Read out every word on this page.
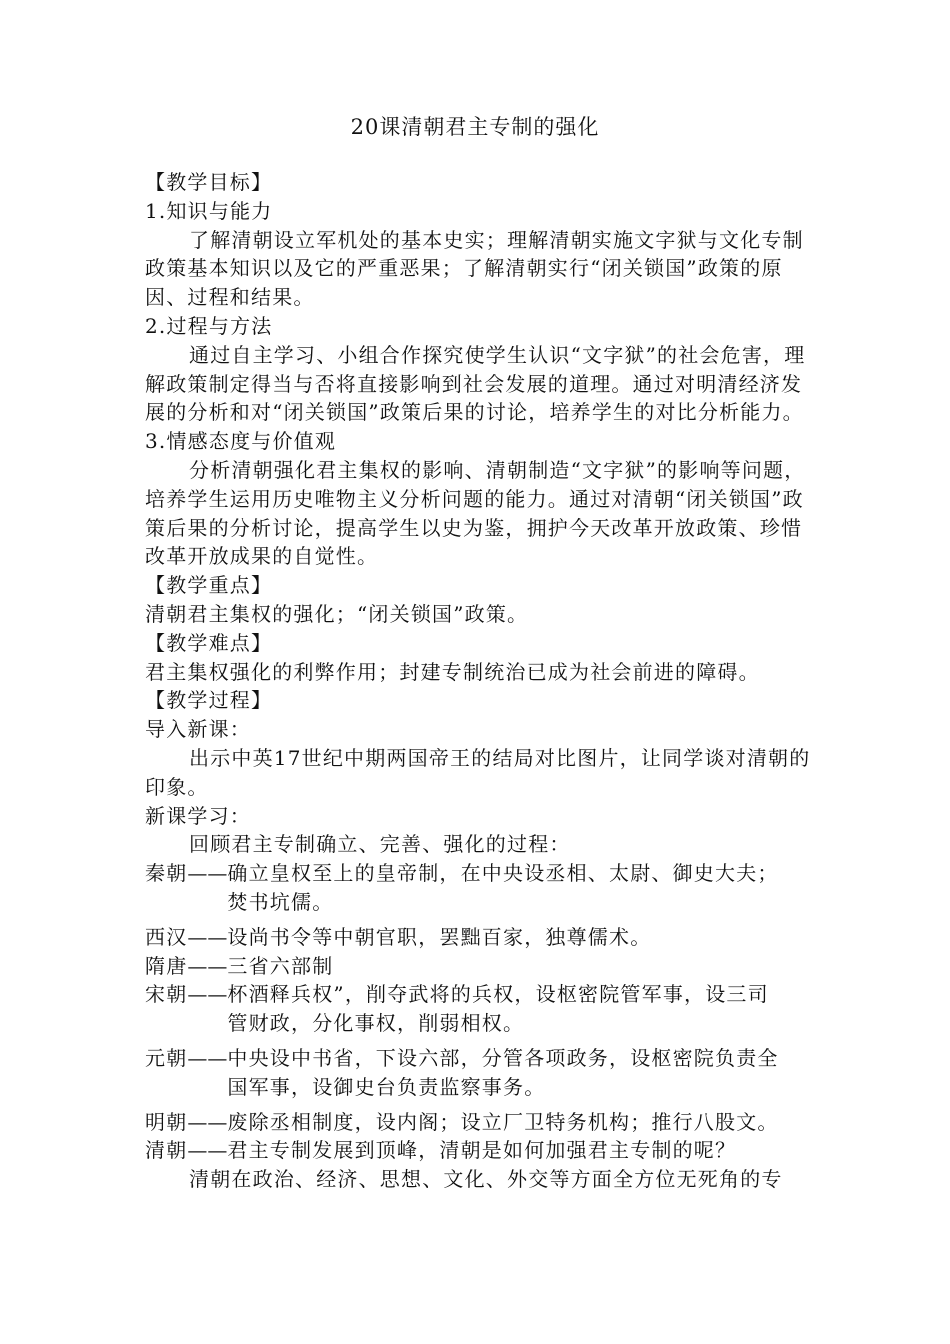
20课清朝君主专制的强化
【教学目标】
1.知识与能力
了解清朝设立军机处的基本史实；理解清朝实施文字狱与文化专制政策基本知识以及它的严重恶果；了解清朝实行“闭关锁国”政策的原因、过程和结果。
2.过程与方法
通过自主学习、小组合作探究使学生认识“文字狱”的社会危害，理解政策制定得当与否将直接影响到社会发展的道理。通过对明清经济发展的分析和对“闭关锁国”政策后果的讨论，培养学生的对比分析能力。
3.情感态度与价值观
分析清朝强化君主集权的影响、清朝制造“文字狱”的影响等问题，培养学生运用历史唯物主义分析问题的能力。通过对清朝“闭关锁国”政策后果的分析讨论，提高学生以史为鉴，拥护今天改革开放政策、珍惜改革开放成果的自觉性。
【教学重点】
清朝君主集权的强化；“闭关锁国”政策。
【教学难点】
君主集权强化的利弊作用；封建专制统治已成为社会前进的障碍。
【教学过程】
导入新课：
出示中英17世纪中期两国帝王的结局对比图片，让同学谈对清朝的印象。
新课学习：
回顾君主专制确立、完善、强化的过程：
秦朝 —— 确立皇权至上的皇帝制，在中央设丞相、太尉、御史大夫；
焚书坑儒。
西汉 —— 设尚书令等中朝官职，罢黜百家，独尊儒术。
隋唐 —— 三省六部制
宋朝 —— 杯酒释兵权”，削夺武将的兵权，设枢密院管军事，设三司
管财政，分化事权，削弱相权。
元朝 —— 中央设中书省，下设六部，分管各项政务，设枢密院负责全
国军事，设御史台负责监察事务。
明朝 —— 废除丞相制度，设内阁；设立厂卫特务机构；推行八股文。
清朝 —— 君主专制发展到顶峰，清朝是如何加强君主专制的呢？
清朝在政治、经济、思想、文化、外交等方面全方位无死角的专
